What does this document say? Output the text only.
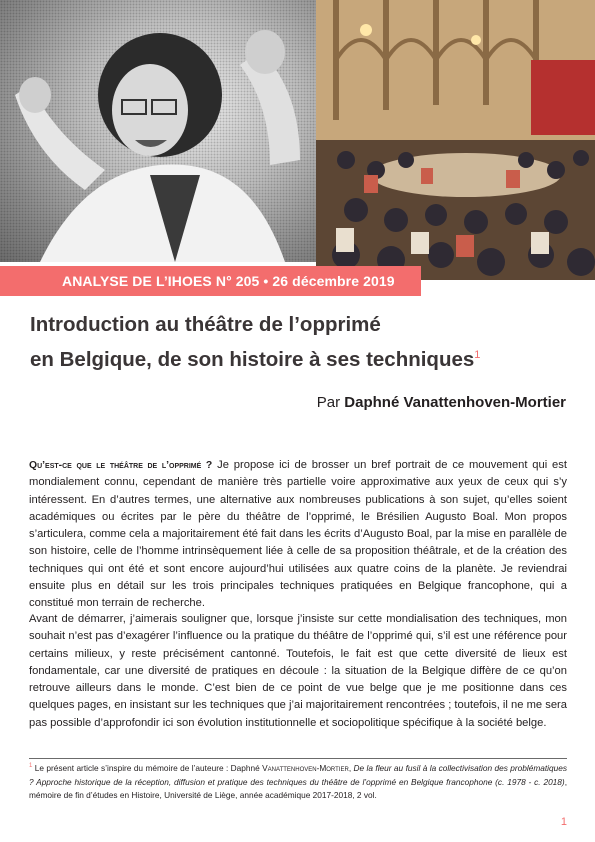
ANALYSE DE L’IHOES N° 205 • 26 décembre 2019
Introduction au théâtre de l’opprimé
en Belgique, de son histoire à ses techniques$^1$
Par Daphné Vanattenhoven-Mortier
Qu’est-ce que le théâtre de l’opprimé ? Je propose ici de brosser un bref portrait de ce mouvement qui est mondialement connu, cependant de manière très partielle voire approximative aux yeux de ceux qui s’y intéressent. En d’autres termes, une alternative aux nombreuses publications à son sujet, qu’elles soient académiques ou écrites par le père du théâtre de l’opprimé, le Brésilien Augusto Boal. Mon propos s’articulera, comme cela a majoritairement été fait dans les écrits d’Augusto Boal, par la mise en parallèle de son histoire, celle de l’homme intrinsèquement liée à celle de sa proposition théâtrale, et de la création des techniques qui ont été et sont encore aujourd’hui utilisées aux quatre coins de la planète. Je reviendrai ensuite plus en détail sur les trois principales techniques pratiquées en Belgique francophone, qui a constitué mon terrain de recherche.
Avant de démarrer, j’aimerais souligner que, lorsque j’insiste sur cette mondialisation des techniques, mon souhait n’est pas d’exagérer l’influence ou la pratique du théâtre de l’opprimé qui, s’il est une référence pour certains milieux, y reste précisément cantonné. Toutefois, le fait est que cette diversité de lieux est fondamentale, car une diversité de pratiques en découle : la situation de la Belgique diffère de ce qu’on retrouve ailleurs dans le monde. C’est bien de ce point de vue belge que je me positionne dans ces quelques pages, en insistant sur les techniques que j’ai majoritairement rencontrées ; toutefois, il ne me sera pas possible d’approfondir ici son évolution institutionnelle et sociopolitique spécifique à la société belge.
$^1$ Le présent article s’inspire du mémoire de l’auteure : Daphné Vanattenhoven-Mortier, De la fleur au fusil à la collectivisation des problématiques ? Approche historique de la réception, diffusion et pratique des techniques du théâtre de l’opprimé en Belgique francophone (c. 1978 - c. 2018), mémoire de fin d’études en Histoire, Université de Liège, année académique 2017-2018, 2 vol.
1
